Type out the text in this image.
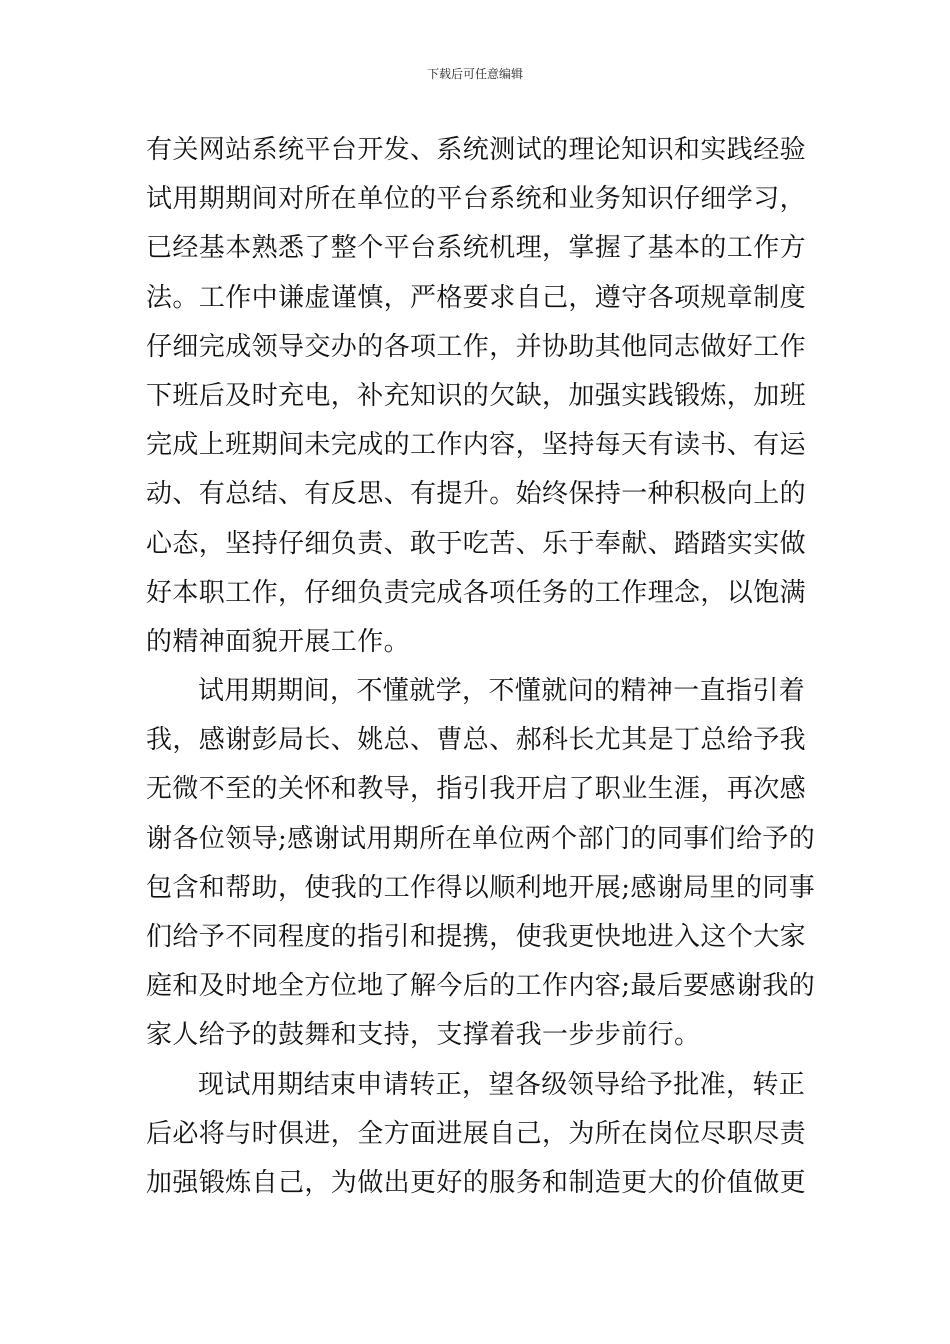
下载后可任意编辑
有关网站系统平台开发、系统测试的理论知识和实践经验
试用期期间对所在单位的平台系统和业务知识仔细学习，
已经基本熟悉了整个平台系统机理，掌握了基本的工作方
法。工作中谦虚谨慎，严格要求自己，遵守各项规章制度
仔细完成领导交办的各项工作，并协助其他同志做好工作
下班后及时充电，补充知识的欠缺，加强实践锻炼，加班
完成上班期间未完成的工作内容，坚持每天有读书、有运
动、有总结、有反思、有提升。始终保持一种积极向上的
心态，坚持仔细负责、敢于吃苦、乐于奉献、踏踏实实做
好本职工作，仔细负责完成各项任务的工作理念，以饱满
的精神面貌开展工作。
试用期期间，不懂就学，不懂就问的精神一直指引着
我，感谢彭局长、姚总、曹总、郝科长尤其是丁总给予我
无微不至的关怀和教导，指引我开启了职业生涯，再次感
谢各位领导;感谢试用期所在单位两个部门的同事们给予的
包含和帮助，使我的工作得以顺利地开展;感谢局里的同事
们给予不同程度的指引和提携，使我更快地进入这个大家
庭和及时地全方位地了解今后的工作内容;最后要感谢我的
家人给予的鼓舞和支持，支撑着我一步步前行。
现试用期结束申请转正，望各级领导给予批准，转正
后必将与时俱进，全方面进展自己，为所在岗位尽职尽责
加强锻炼自己，为做出更好的服务和制造更大的价值做更
